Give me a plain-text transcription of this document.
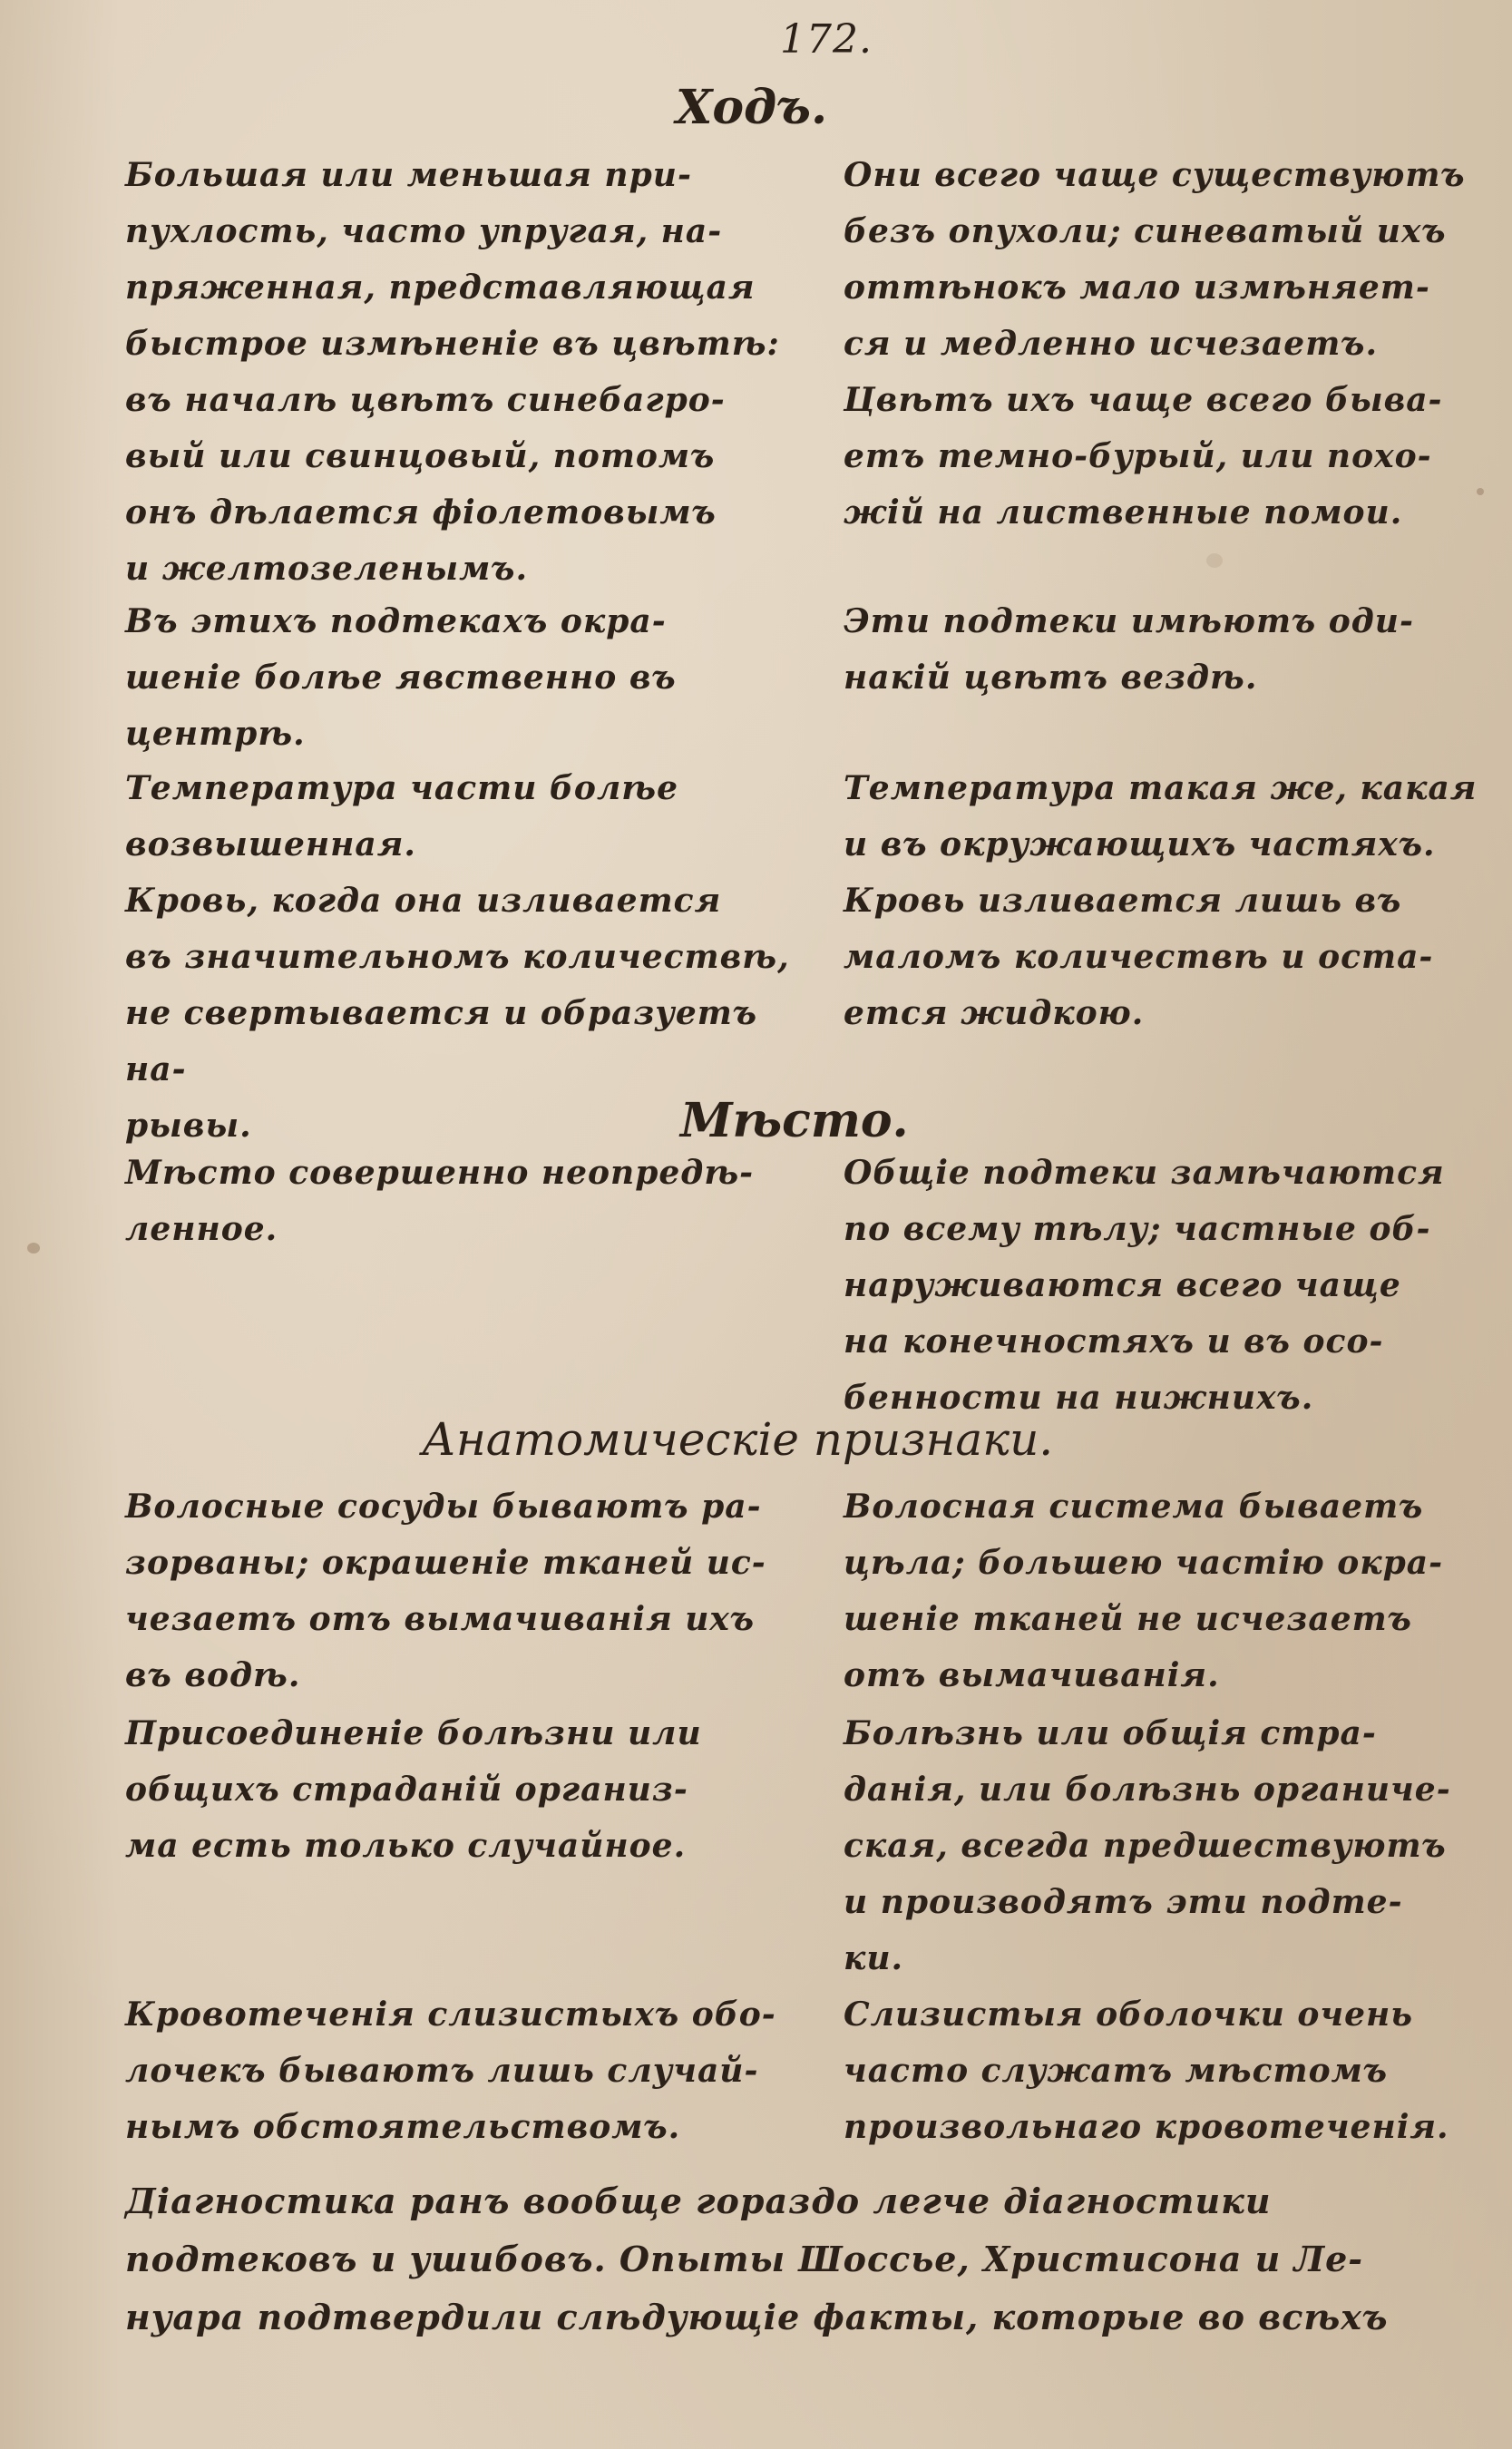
172.
Ходъ.
Большая или меньшая при-
пухлость, часто упругая, на-
пряженная, представляющая
быстрое измѣненіе въ цвѣтѣ:
въ началѣ цвѣтъ синебагро-
вый или свинцовый, потомъ
онъ дѣлается фіолетовымъ
и желтозеленымъ.
Въ этихъ подтекахъ окра-
шеніе болѣе явственно въ
центрѣ.
Температура части болѣе
возвышенная.
Кровь, когда она изливается
въ значительномъ количествѣ,
не свертывается и образуетъ на-
рывы.
Они всего чаще существуютъ
безъ опухоли; синеватый ихъ
оттѣнокъ мало измѣняет-
ся и медленно исчезаетъ.
Цвѣтъ ихъ чаще всего быва-
етъ темно-бурый, или похо-
жій на лиственные помои.
Эти подтеки имѣютъ оди-
накій цвѣтъ вездѣ.
Температура такая же, какая
и въ окружающихъ частяхъ.
Кровь изливается лишь въ
маломъ количествѣ и оста-
ется жидкою.
Мѣсто.
Мѣсто совершенно неопредѣ-
ленное.
Общіе подтеки замѣчаются
по всему тѣлу; частные об-
наруживаются всего чаще
на конечностяхъ и въ осо-
бенности на нижнихъ.
Анатомическіе признаки.
Волосные сосуды бываютъ ра-
зорваны; окрашеніе тканей ис-
чезаетъ отъ вымачиванія ихъ
въ водѣ.
Присоединеніе болѣзни или
общихъ страданій организ-
ма есть только случайное.
Кровотеченія слизистыхъ обо-
лочекъ бываютъ лишь случай-
нымъ обстоятельствомъ.
Волосная система бываетъ
цѣла; большею частію окра-
шеніе тканей не исчезаетъ
отъ вымачиванія.
Болѣзнь или общія стра-
данія, или болѣзнь органиче-
ская, всегда предшествуютъ
и производятъ эти подте-
ки.
Слизистыя оболочки очень
часто служатъ мѣстомъ
произвольнаго кровотеченія.
Діагностика ранъ вообще гораздо легче діагностики
подтековъ и ушибовъ. Опыты Шоссье, Христисона и Ле-
нуара подтвердили слѣдующіе факты, которые во всѣхъ
